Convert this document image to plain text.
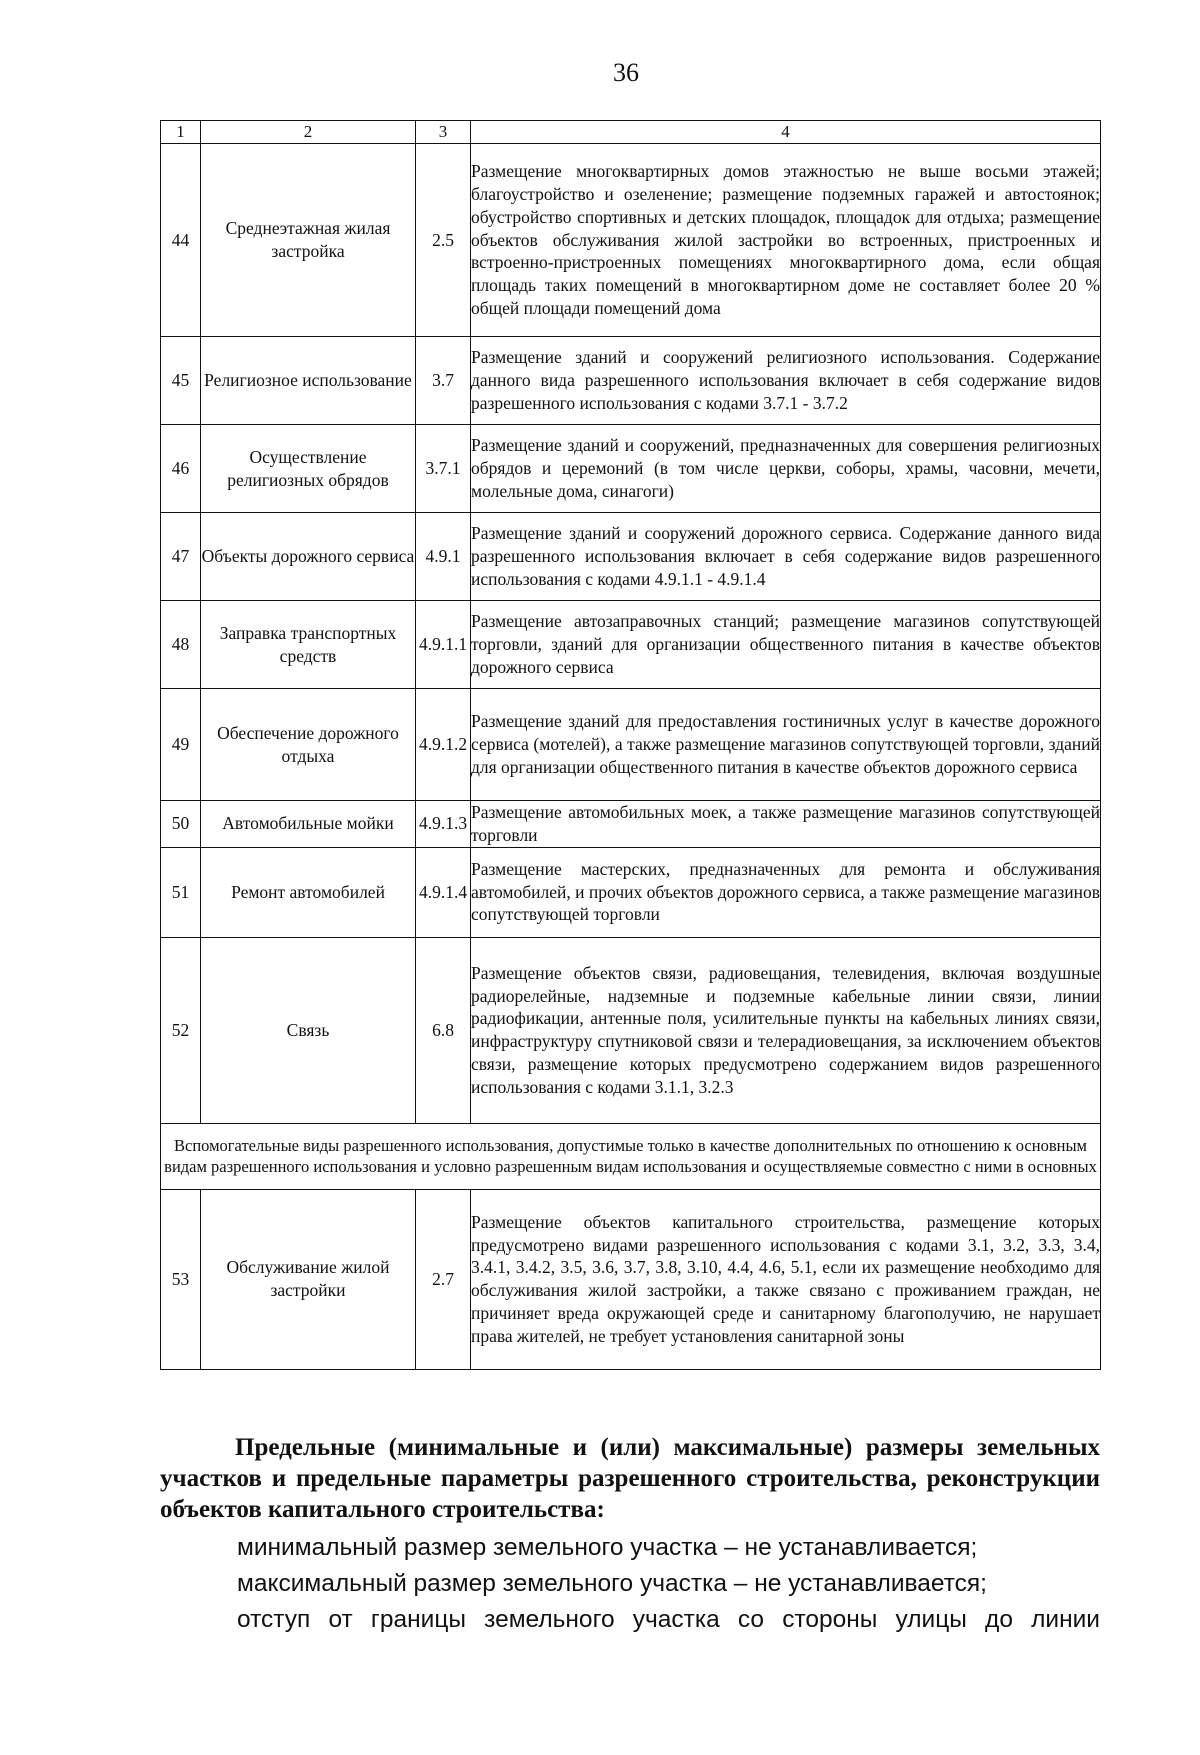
36
1	2	3	4
44	Среднеэтажная жилая застройка	2.5	Размещение многоквартирных домов этажностью не выше восьми этажей; благоустройство и озеленение; размещение подземных гаражей и автостоянок; обустройство спортивных и детских площадок, площадок для отдыха; размещение объектов обслуживания жилой застройки во встроенных, пристроенных и встроенно-пристроенных помещениях многоквартирного дома, если общая площадь таких помещений в многоквартирном доме не составляет более 20 % общей площади помещений дома
45	Религиозное использование	3.7	Размещение зданий и сооружений религиозного использования. Содержание данного вида разрешенного использования включает в себя содержание видов разрешенного использования с кодами 3.7.1 - 3.7.2
46	Осуществление религиозных обрядов	3.7.1	Размещение зданий и сооружений, предназначенных для совершения религиозных обрядов и церемоний (в том числе церкви, соборы, храмы, часовни, мечети, молельные дома, синагоги)
47	Объекты дорожного сервиса	4.9.1	Размещение зданий и сооружений дорожного сервиса. Содержание данного вида разрешенного использования включает в себя содержание видов разрешенного использования с кодами 4.9.1.1 - 4.9.1.4
48	Заправка транспортных средств	4.9.1.1	Размещение автозаправочных станций; размещение магазинов сопутствующей торговли, зданий для организации общественного питания в качестве объектов дорожного сервиса
49	Обеспечение дорожного отдыха	4.9.1.2	Размещение зданий для предоставления гостиничных услуг в качестве дорожного сервиса (мотелей), а также размещение магазинов сопутствующей торговли, зданий для организации общественного питания в качестве объектов дорожного сервиса
50	Автомобильные мойки	4.9.1.3	Размещение автомобильных моек, а также размещение магазинов сопутствующей торговли
51	Ремонт автомобилей	4.9.1.4	Размещение мастерских, предназначенных для ремонта и обслуживания автомобилей, и прочих объектов дорожного сервиса, а также размещение магазинов сопутствующей торговли
52	Связь	6.8	Размещение объектов связи, радиовещания, телевидения, включая воздушные радиорелейные, надземные и подземные кабельные линии связи, линии радиофикации, антенные поля, усилительные пункты на кабельных линиях связи, инфраструктуру спутниковой связи и телерадиовещания, за исключением объектов связи, размещение которых предусмотрено содержанием видов разрешенного использования с кодами 3.1.1, 3.2.3
Вспомогательные виды разрешенного использования, допустимые только в качестве дополнительных по отношению к основным видам разрешенного использования и условно разрешенным видам использования и осуществляемые совместно с ними в основных			
53	Обслуживание жилой застройки	2.7	Размещение объектов капитального строительства, размещение которых предусмотрено видами разрешенного использования с кодами 3.1, 3.2, 3.3, 3.4, 3.4.1, 3.4.2, 3.5, 3.6, 3.7, 3.8, 3.10, 4.4, 4.6, 5.1, если их размещение необходимо для обслуживания жилой застройки, а также связано с проживанием граждан, не причиняет вреда окружающей среде и санитарному благополучию, не нарушает права жителей, не требует установления санитарной зоны
Предельные (минимальные и (или) максимальные) размеры земельных участков и предельные параметры разрешенного строительства, реконструкции объектов капитального строительства:
минимальный размер земельного участка – не устанавливается;
максимальный размер земельного участка – не устанавливается;
отступ от границы земельного участка со стороны улицы до линии
